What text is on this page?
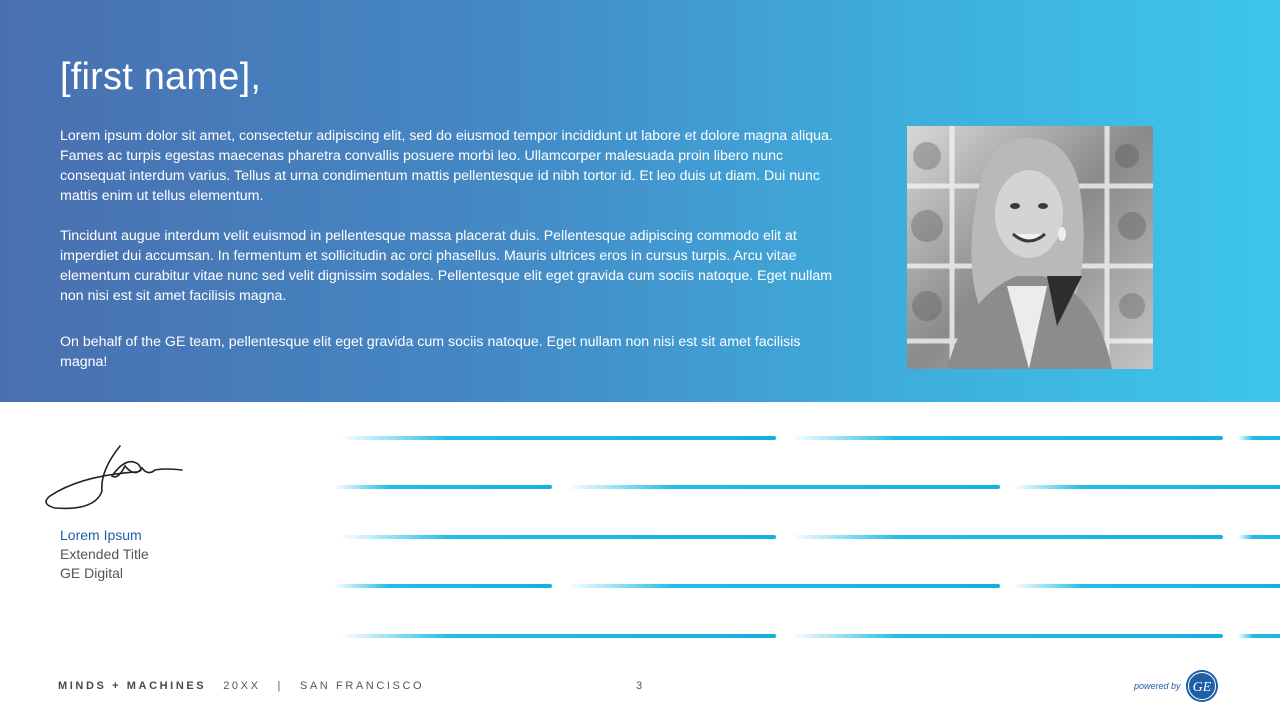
[first name],

Lorem ipsum dolor sit amet, consectetur adipiscing elit, sed do eiusmod tempor incididunt ut labore et dolore magna aliqua. Fames ac turpis egestas maecenas pharetra convallis posuere morbi leo. Ullamcorper malesuada proin libero nunc consequat interdum varius. Tellus at urna condimentum mattis pellentesque id nibh tortor id. Et leo duis ut diam. Dui nunc mattis enim ut tellus elementum.

Tincidunt augue interdum velit euismod in pellentesque massa placerat duis. Pellentesque adipiscing commodo elit at imperdiet dui accumsan. In fermentum et sollicitudin ac orci phasellus. Mauris ultrices eros in cursus turpis. Arcu vitae elementum curabitur vitae nunc sed velit dignissim sodales. Pellentesque elit eget gravida cum sociis natoque. Eget nullam non nisi est sit amet facilisis magna.

On behalf of the GE team, pellentesque elit eget gravida cum sociis natoque. Eget nullam non nisi est sit amet facilisis magna!

Lorem Ipsum
Extended Title
GE Digital
MINDS + MACHINES 20XX | SAN FRANCISCO	3	powered by GE
